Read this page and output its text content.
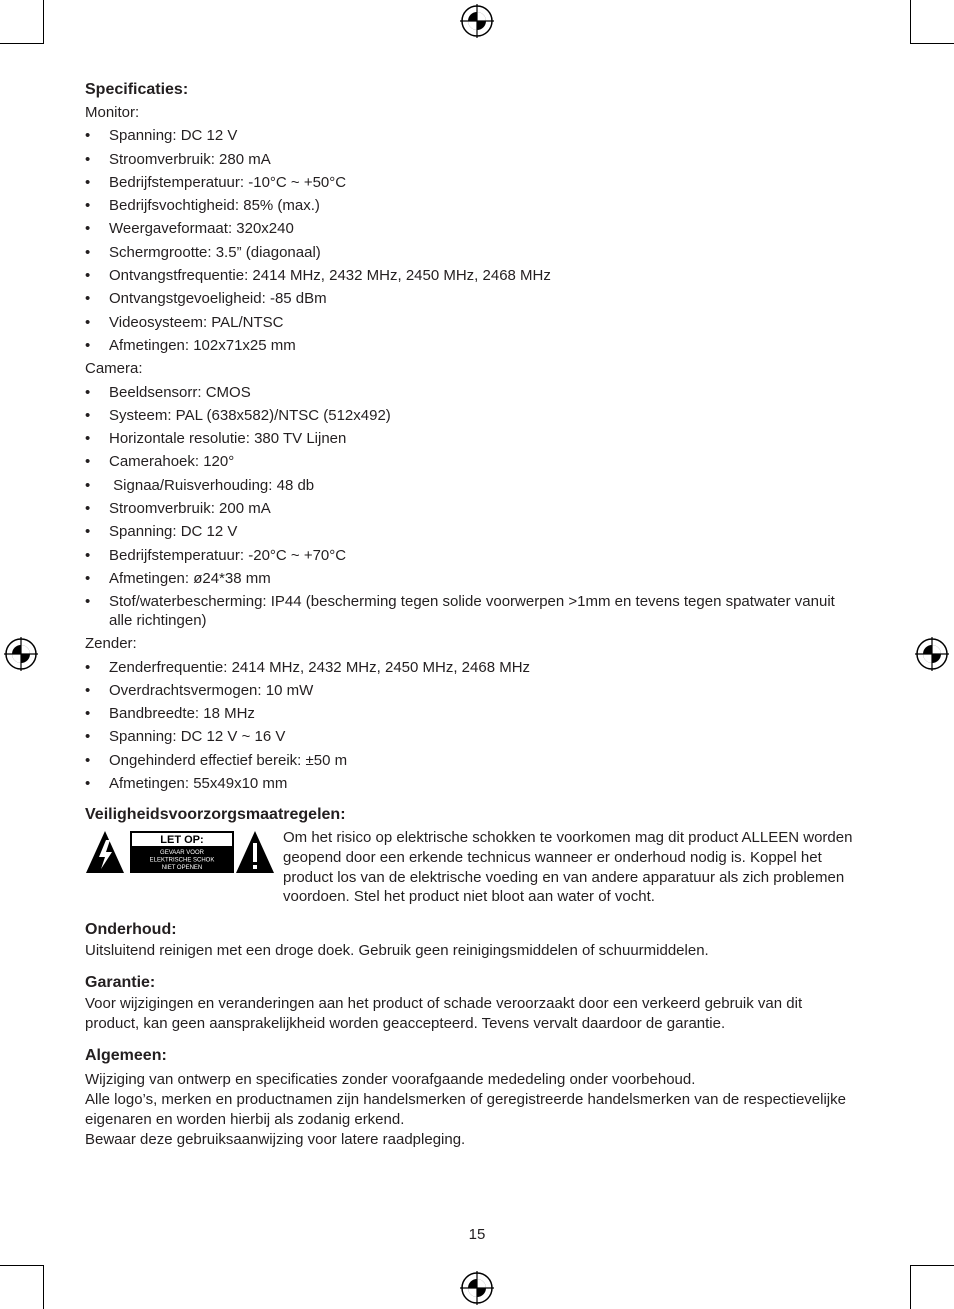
Specificaties:
Monitor:
• Spanning: DC 12 V
• Stroomverbruik: 280 mA
• Bedrijfstemperatuur: -10°C ~ +50°C
• Bedrijfsvochtigheid: 85% (max.)
• Weergaveformaat: 320x240
• Schermgrootte: 3.5” (diagonaal)
• Ontvangstfrequentie: 2414 MHz, 2432 MHz, 2450 MHz, 2468 MHz
• Ontvangstgevoeligheid: -85 dBm
• Videosysteem: PAL/NTSC
• Afmetingen: 102x71x25 mm
Camera:
• Beeldsensorr: CMOS
• Systeem: PAL (638x582)/NTSC (512x492)
• Horizontale resolutie: 380 TV Lijnen
• Camerahoek: 120°
• Signaa/Ruisverhouding: 48 db
• Stroomverbruik: 200 mA
• Spanning: DC 12 V
• Bedrijfstemperatuur: -20°C ~ +70°C
• Afmetingen: ø24*38 mm
• Stof/waterbescherming: IP44 (bescherming tegen solide voorwerpen >1mm en tevens tegen spatwater vanuit alle richtingen)
Zender:
• Zenderfrequentie: 2414 MHz, 2432 MHz, 2450 MHz, 2468 MHz
• Overdrachtsvermogen: 10 mW
• Bandbreedte: 18 MHz
• Spanning: DC 12 V ~ 16 V
• Ongehinderd effectief bereik: ±50 m
• Afmetingen: 55x49x10 mm
Veiligheidsvoorzorgsmaatregelen:
LET OP:
GEVAAR VOOR
ELEKTRISCHE SCHOK
NIET OPENEN

Om het risico op elektrische schokken te voorkomen mag dit product ALLEEN worden geopend door een erkende technicus wanneer er onderhoud nodig is. Koppel het product los van de elektrische voeding en van andere apparatuur als zich problemen voordoen. Stel het product niet bloot aan water of vocht.

Onderhoud:

Uitsluitend reinigen met een droge doek. Gebruik geen reinigingsmiddelen of schuurmiddelen.

Garantie:

Voor wijzigingen en veranderingen aan het product of schade veroorzaakt door een verkeerd gebruik van dit product, kan geen aansprakelijkheid worden geaccepteerd. Tevens vervalt daardoor de garantie.

Algemeen:

Wijziging van ontwerp en specificaties zonder voorafgaande mededeling onder voorbehoud.

Alle logo’s, merken en productnamen zijn handelsmerken of geregistreerde handelsmerken van de respectievelijke eigenaren en worden hierbij als zodanig erkend.

Bewaar deze gebruiksaanwijzing voor latere raadpleging.

15
